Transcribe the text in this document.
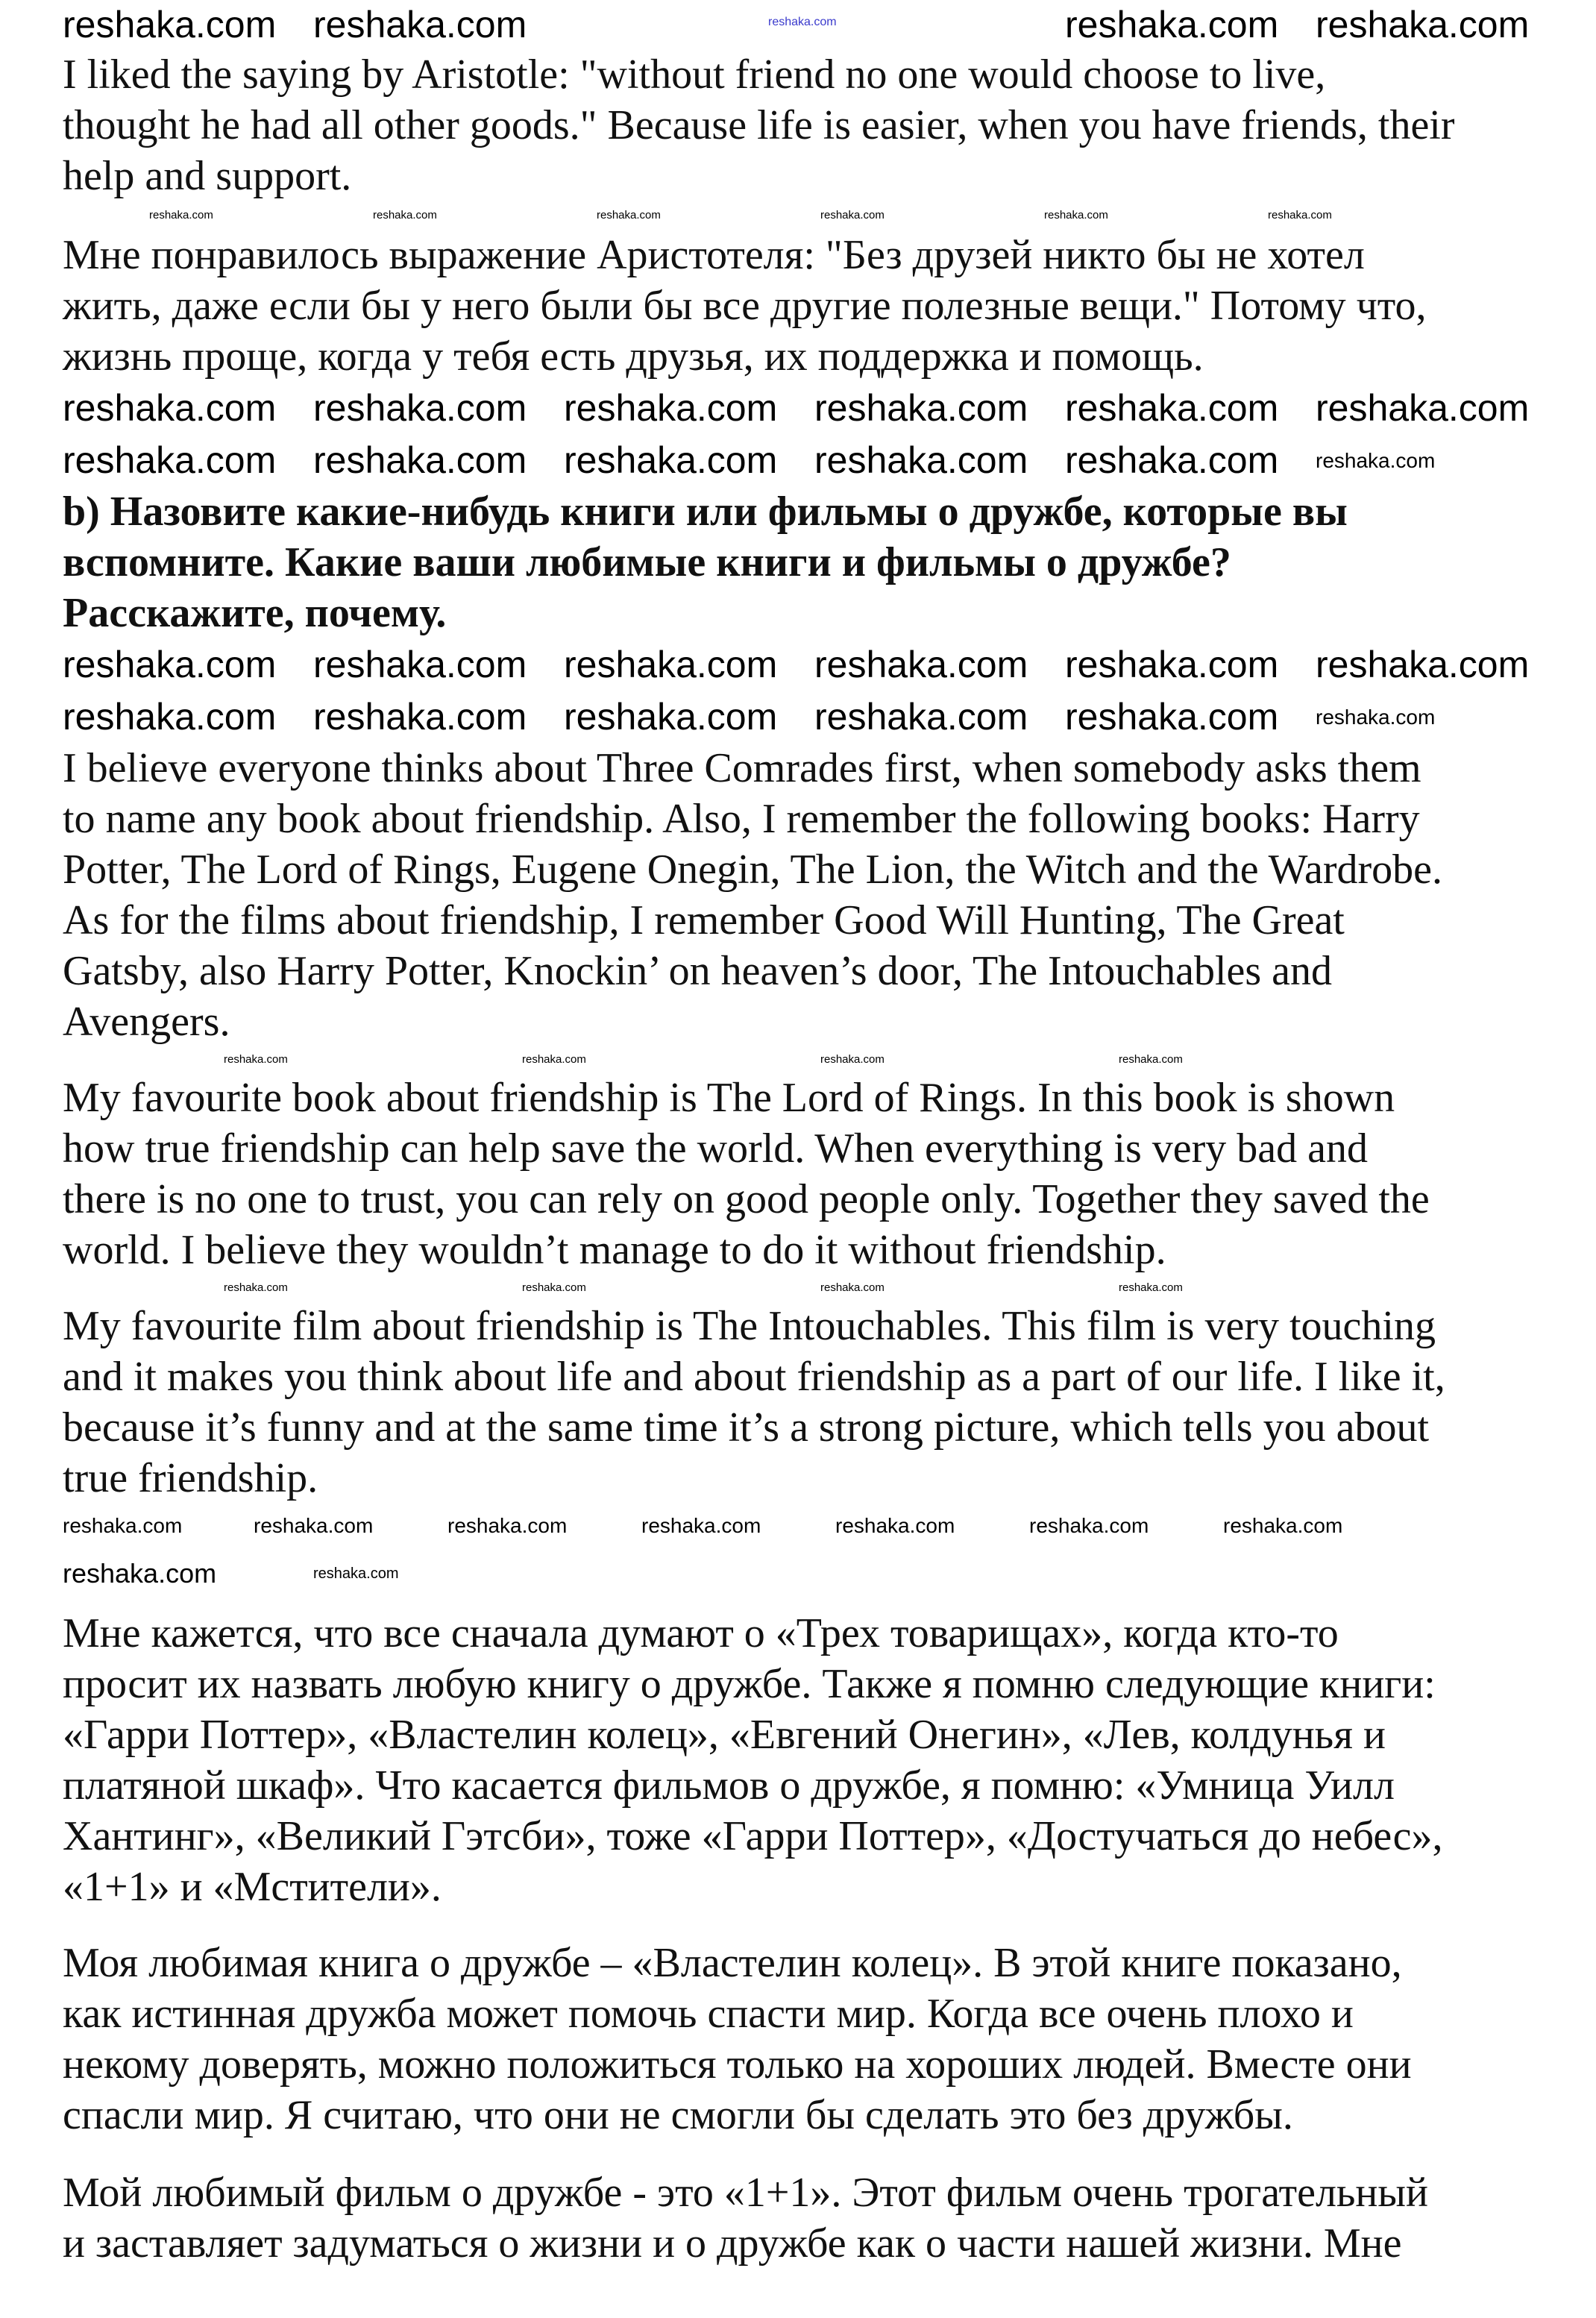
I liked the saying by Aristotle: "without friend no one would choose to live,
thought he had all other goods." Because life is easier, when you have friends, their
help and support.
Мне понравилось выражение Аристотеля: "Без друзей никто бы не хотел
жить, даже если бы у него были бы все другие полезные вещи." Потому что,
жизнь проще, когда у тебя есть друзья, их поддержка и помощь.
b) Назовите какие-нибудь книги или фильмы о дружбе, которые вы
вспомните. Какие ваши любимые книги и фильмы о дружбе?
Расскажите, почему.
I believe everyone thinks about Three Comrades first, when somebody asks them
to name any book about friendship. Also, I remember the following books: Harry
Potter, The Lord of Rings, Eugene Onegin, The Lion, the Witch and the Wardrobe.
As for the films about friendship, I remember Good Will Hunting, The Great
Gatsby, also Harry Potter, Knockin’ on heaven’s door, The Intouchables and
Avengers.
My favourite book about friendship is The Lord of Rings. In this book is shown
how true friendship can help save the world. When everything is very bad and
there is no one to trust, you can rely on good people only. Together they saved the
world. I believe they wouldn’t manage to do it without friendship.
My favourite film about friendship is The Intouchables. This film is very touching
and it makes you think about life and about friendship as a part of our life. I like it,
because it’s funny and at the same time it’s a strong picture, which tells you about
true friendship.
Мне кажется, что все сначала думают о «Трех товарищах», когда кто-то
просит их назвать любую книгу о дружбе. Также я помню следующие книги:
«Гарри Поттер», «Властелин колец», «Евгений Онегин», «Лев, колдунья и
платяной шкаф». Что касается фильмов о дружбе, я помню: «Умница Уилл
Хантинг», «Великий Гэтсби», тоже «Гарри Поттер», «Достучаться до небес»,
«1+1» и «Мстители».
Моя любимая книга о дружбе – «Властелин колец». В этой книге показано,
как истинная дружба может помочь спасти мир. Когда все очень плохо и
некому доверять, можно положиться только на хороших людей. Вместе они
спасли мир. Я считаю, что они не смогли бы сделать это без дружбы.
Мой любимый фильм о дружбе - это «1+1». Этот фильм очень трогательный
и заставляет задуматься о жизни и о дружбе как о части нашей жизни. Мне
reshaka.com
reshaka.com reshaka.com	reshaka.com reshaka.com
reshaka.com	reshaka.com	reshaka.com	reshaka.com	reshaka.com	reshaka.com
reshaka.com reshaka.com reshaka.com reshaka.com reshaka.com reshaka.com
reshaka.com reshaka.com reshaka.com reshaka.com reshaka.com reshaka.com
reshaka.com reshaka.com reshaka.com reshaka.com reshaka.com reshaka.com
reshaka.com reshaka.com reshaka.com reshaka.com reshaka.com reshaka.com
reshaka.com	reshaka.com	reshaka.com	reshaka.com
reshaka.com	reshaka.com	reshaka.com	reshaka.com
reshaka.com	reshaka.com	reshaka.com	reshaka.com	reshaka.com	reshaka.com	reshaka.com
reshaka.com	reshaka.com
